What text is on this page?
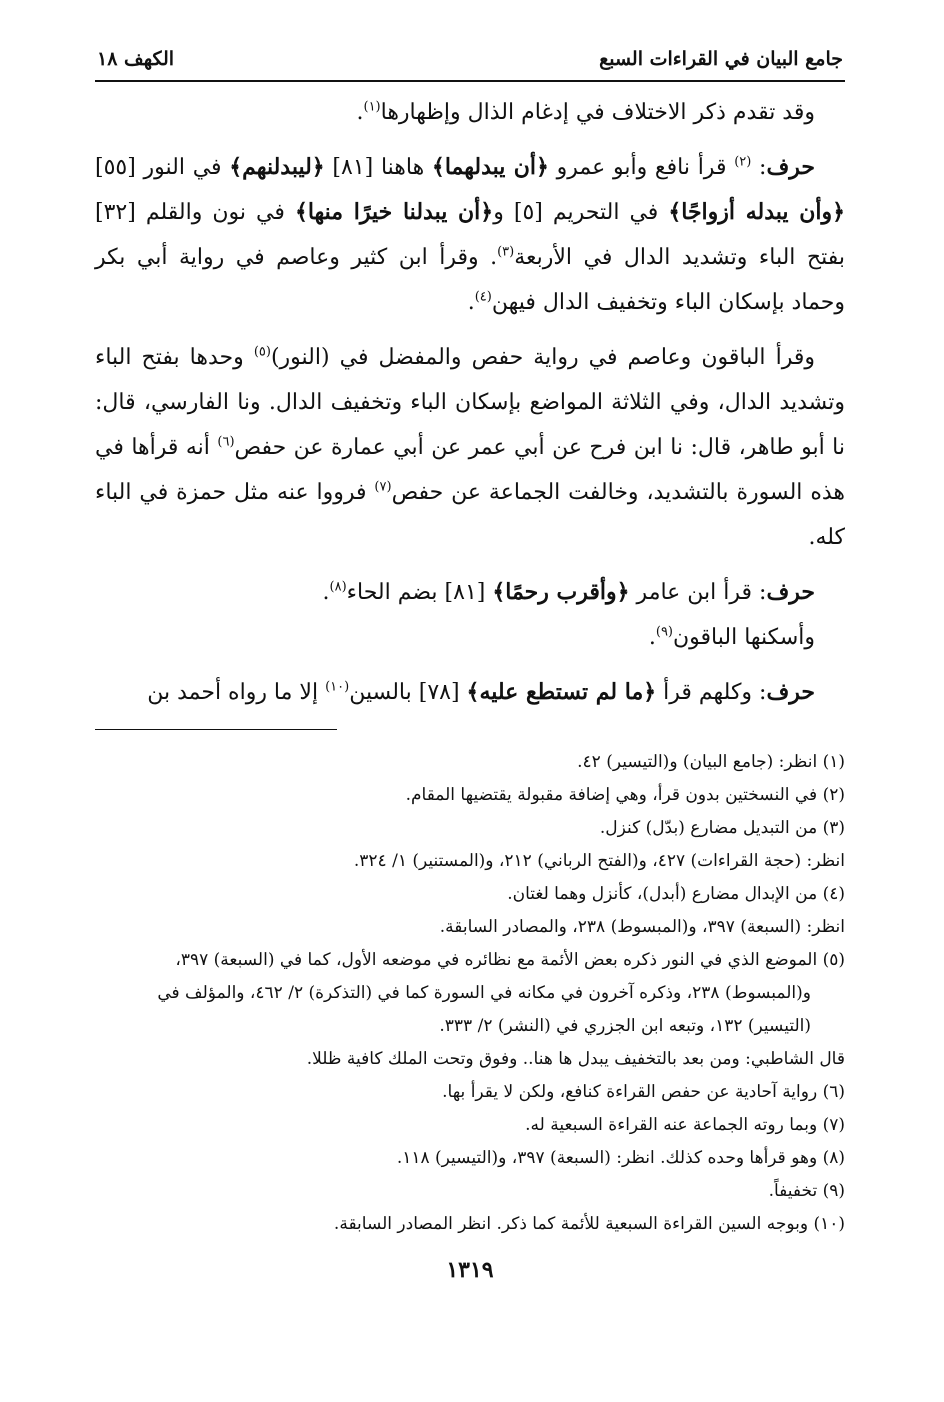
جامع البيان في القراءات السبع
الكهف ١٨

وقد تقدم ذكر الاختلاف في إدغام الذال وإظهارها$^{(١)}$.

حرف: $^{(٢)}$ قرأ نافع وأبو عمرو ﴿أن يبدلهما﴾ هاهنا [٨١] ﴿ليبدلنهم﴾ في النور [٥٥] ﴿وأن يبدله أزواجًا﴾ في التحريم [٥] و﴿أن يبدلنا خيرًا منها﴾ في نون والقلم [٣٢] بفتح الباء وتشديد الدال في الأربعة$^{(٣)}$. وقرأ ابن كثير وعاصم في رواية أبي بكر وحماد بإسكان الباء وتخفيف الدال فيهن$^{(٤)}$.

وقرأ الباقون وعاصم في رواية حفص والمفضل في (النور)$^{(٥)}$ وحدها بفتح الباء وتشديد الدال، وفي الثلاثة المواضع بإسكان الباء وتخفيف الدال. ونا الفارسي، قال: نا أبو طاهر، قال: نا ابن فرح عن أبي عمر عن أبي عمارة عن حفص$^{(٦)}$ أنه قرأها في هذه السورة بالتشديد، وخالفت الجماعة عن حفص$^{(٧)}$ فرووا عنه مثل حمزة في الباء كله.

حرف: قرأ ابن عامر ﴿وأقرب رحمًا﴾ [٨١] بضم الحاء$^{(٨)}$.

وأسكنها الباقون$^{(٩)}$.

حرف: وكلهم قرأ ﴿ما لم تستطع عليه﴾ [٧٨] بالسين$^{(١٠)}$ إلا ما رواه أحمد بن

(١) انظر: (جامع البيان) و(التيسير) ٤٢.

(٢) في النسختين بدون قرأ، وهي إضافة مقبولة يقتضيها المقام.

(٣) من التبديل مضارع (بدّل) كنزل.

انظر: (حجة القراءات) ٤٢٧، و(الفتح الرباني) ٢١٢، و(المستنير) ١/ ٣٢٤.

(٤) من الإبدال مضارع (أبدل)، كأنزل وهما لغتان.

انظر: (السبعة) ٣٩٧، و(المبسوط) ٢٣٨، والمصادر السابقة.

(٥) الموضع الذي في النور ذكره بعض الأئمة مع نظائره في موضعه الأول، كما في (السبعة) ٣٩٧، و(المبسوط) ٢٣٨، وذكره آخرون في مكانه في السورة كما في (التذكرة) ٢/ ٤٦٢، والمؤلف في (التيسير) ١٣٢، وتبعه ابن الجزري في (النشر) ٢/ ٣٣٣.

قال الشاطبي: ومن بعد بالتخفيف يبدل ها هنا.. وفوق وتحت الملك كافية ظللا.

(٦) رواية آحادية عن حفص القراءة كنافع، ولكن لا يقرأ بها.

(٧) وبما روته الجماعة عنه القراءة السبعية له.

(٨) وهو قرأها وحده كذلك. انظر: (السبعة) ٣٩٧، و(التيسير) ١١٨.

(٩) تخفيفاً.

(١٠) وبوجه السين القراءة السبعية للأئمة كما ذكر. انظر المصادر السابقة.

١٣١٩
